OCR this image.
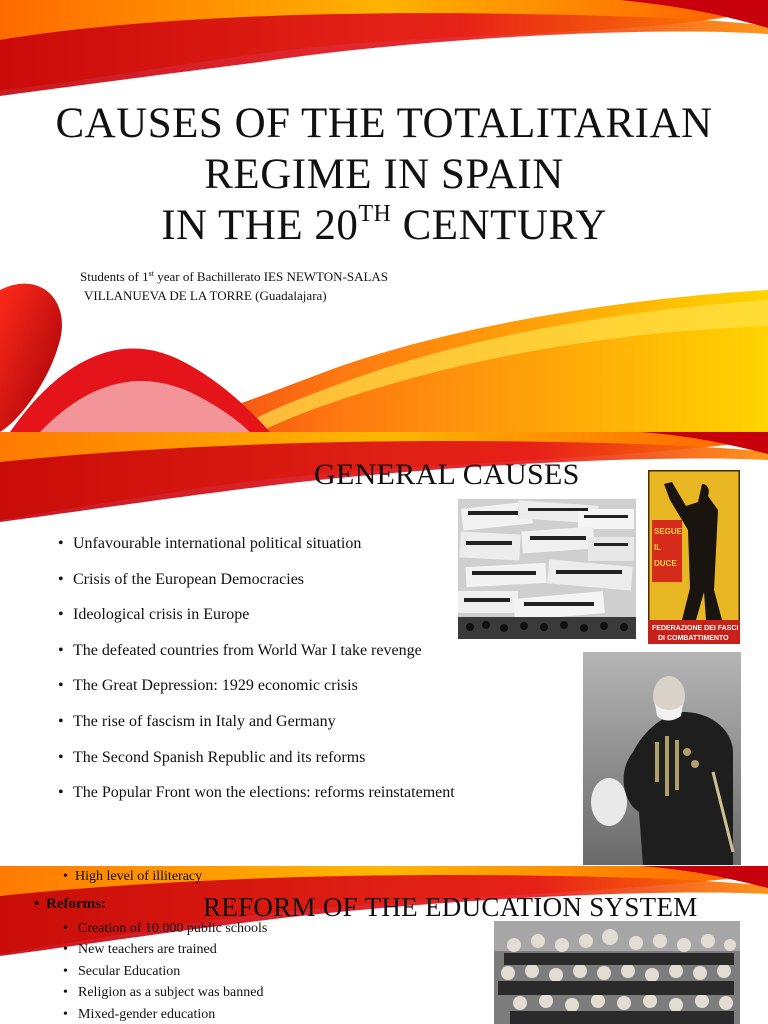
CAUSES OF THE TOTALITARIAN
REGIME IN SPAIN
IN THE 20TH CENTURY
Students of 1st year of Bachillerato IES NEWTON-SALAS
VILLANUEVA DE LA TORRE (Guadalajara)
GENERAL CAUSES
• Unfavourable international political situation
• Crisis of the European Democracies
• Ideological crisis in Europe
• The defeated countries from World War I take revenge
• The Great Depression: 1929 economic crisis
• The rise of fascism in Italy and Germany
• The Second Spanish Republic and its reforms
• The Popular Front won the elections: reforms reinstatement
SEGUE
IL
DUCE
FEDERAZIONE DEI FASCI
DI COMBATTIMENTO
• High level of illiteracy
• Reforms:	REFORM OF THE EDUCATION SYSTEM
• Creation of 10.000 public schools
• New teachers are trained
• Secular Education
• Religion as a subject was banned
• Mixed-gender education
